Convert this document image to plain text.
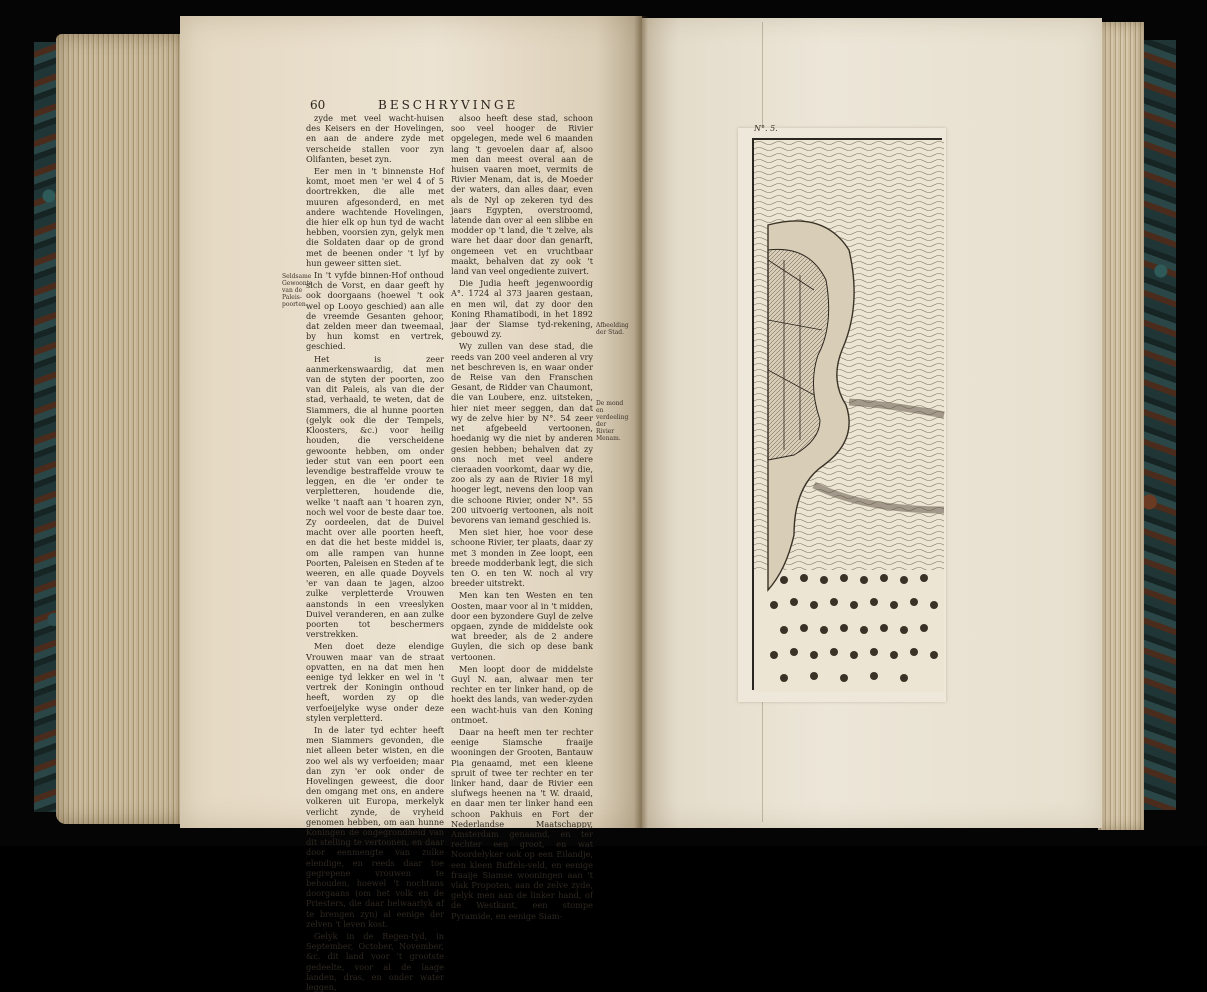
60	BESCHRYVINGE
Seldsame Gewoonte van de Paleis-poorten.
Afbeelding der Stad.
De mond en verdeeling der Rivier Menam.

zyde met veel wacht-huisen des Keisers en der Hovelingen, en aan de andere zyde met verscheide stallen voor zyn Olifanten, beset zyn.

Eer men in 't binnenste Hof komt, moet men 'er wel 4 of 5 doortrekken, die alle met muuren afgesonderd, en met andere wachtende Hovelingen, die hier elk op hun tyd de wacht hebben, voorsien zyn, gelyk men die Soldaten daar op de grond met de beenen onder 't lyf by hun geweer sitten siet.

In 't vyfde binnen-Hof onthoud sich de Vorst, en daar geeft hy ook doorgaans (hoewel 't ook wel op Looyo geschied) aan alle de vreemde Gesanten gehoor, dat zelden meer dan tweemaal, by hun komst en vertrek, geschied.

Het is zeer aanmerkenswaardig, dat men van de styten der poorten, zoo van dit Paleis, als van die der stad, verhaald, te weten, dat de Siammers, die al hunne poorten (gelyk ook die der Tempels, Kloosters, &c.) voor heilig houden, die verscheidene gewoonte hebben, om onder ieder stut van een poort een levendige bestraffelde vrouw te leggen, en die 'er onder te verpletteren, houdende die, welke 't naaft aan 't hoaren zyn, noch wel voor de beste daar toe. Zy oordeelen, dat de Duivel macht over alle poorten heeft, en dat die het beste middel is, om alle rampen van hunne Poorten, Paleisen en Steden af te weeren, en alle quade Doyvels 'er van daan te jagen, alzoo zulke verpletterde Vrouwen aanstonds in een vreeslyken Duivel veranderen, en aan zulke poorten tot beschermers verstrekken.

Men doet deze elendige Vrouwen maar van de straat opvatten, en na dat men hen eenige tyd lekker en wel in 't vertrek der Koningin onthoud heeft, worden zy op die verfoeijelyke wyse onder deze stylen verpletterd.

In de later tyd echter heeft men Siammers gevonden, die niet alleen beter wisten, en die zoo wel als wy verfoeiden; maar dan zyn 'er ook onder de Hovelingen geweest, die door den omgang met ons, en andere volkeren uit Europa, merkelyk verlicht zynde, de vryheid genomen hebben, om aan hunne Koningen de ongegrondheid van dit stelling te vertoonen, en daar door eenmengte van zulke elendige, en reeds daar toe gegrepene vrouwen te behouden, hoewel 't nochtans doorgaans (om het volk en de Priesters, die daar belwaarlyk af te brengen zyn) al eenige der zelven 't leven kost.

Gelyk in de Regen-tyd, in September, October, November, &c. dit land voor 't grootste gedeelte, voor al de laage landen, dras, en onder water leggen,

alsoo heeft dese stad, schoon soo veel hooger de Rivier opgelegen, mede wel 6 maanden lang 't gevoelen daar af, alsoo men dan meest overal aan de huisen vaaren moet, vermits de Rivier Menam, dat is, de Moeder der waters, dan alles daar, even als de Nyl op zekeren tyd des jaars Egypten, overstroomd, latende dan over al een slibbe en modder op 't land, die 't zelve, als ware het daar door dan genarft, ongemeen vet en vruchtbaar maakt, behalven dat zy ook 't land van veel ongediente zuivert.

Die Judia heeft jegenwoordig A°. 1724 al 373 jaaren gestaan, en men wil, dat zy door den Koning Rhamatibodi, in het 1892 jaar der Siamse tyd-rekening, gebouwd zy.

Wy zullen van dese stad, die reeds van 200 veel anderen al vry net beschreven is, en waar onder de Reise van den Franschen Gesant, de Ridder van Chaumont, die van Loubere, enz. uitsteken, hier niet meer seggen, dan dat wy de zelve hier by N°. 54 zeer net afgebeeld vertoonen, hoedanig wy die niet by anderen gesien hebben; behalven dat zy ons noch met veel andere cieraaden voorkomt, daar wy die, zoo als zy aan de Rivier 18 myl hooger legt, nevens den loop van die schoone Rivier, onder N°. 55 200 uitvoerig vertoonen, als noit bevorens van iemand geschied is.

Men siet hier, hoe voor dese schoone Rivier, ter plaats, daar zy met 3 monden in Zee loopt, een breede modderbank legt, die sich ten O. en ten W. noch al vry breeder uitstrekt.

Men kan ten Westen en ten Oosten, maar voor al in 't midden, door een byzondere Guyl de zelve opgaen, zynde de middelste ook wat breeder, als de 2 andere Guylen, die sich op dese bank vertoonen.

Men loopt door de middelste Guyl N. aan, alwaar men ter rechter en ter linker hand, op de hoekt des lands, van weder-zyden een wacht-huis van den Koning ontmoet.

Daar na heeft men ter rechter eenige Siamsche fraaije wooningen der Grooten, Bantauw Pia genaamd, met een kleene spruit of twee ter rechter en ter linker hand, daar de Rivier een slufwegs heenen na 't W. draaid, en daar men ter linker hand een schoon Pakhuis en Fort der Nederlandse Maatschappy, Amsterdam genaamd, en ter rechter een groot, en wat Noordelyker ook op een Eilandje, een kleen Buffels-veld, en eenige fraaije Siamse wooningen aan 't vlak Propoten, aan de zelve zyde, gelyk men aan de linker hand, of de Westkant, een stompe Pyramide, en eenige Siam-

N°. 5.
